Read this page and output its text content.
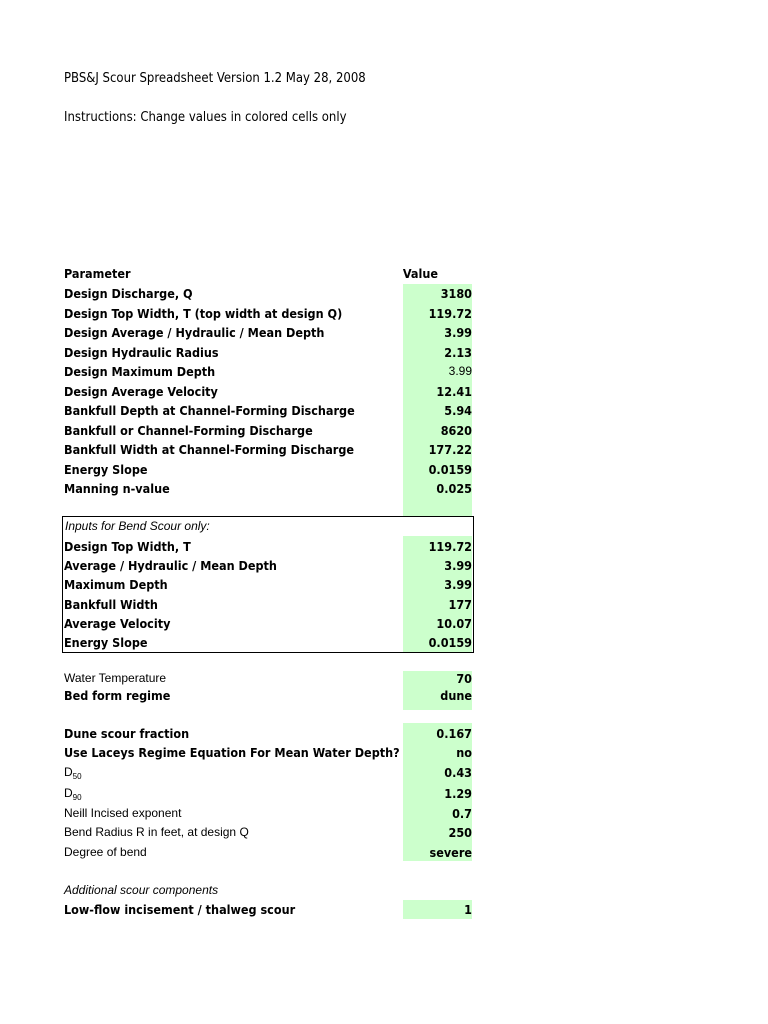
PBS&J Scour Spreadsheet Version 1.2 May 28, 2008
Instructions: Change values in colored cells only
Parameter	Value
Design Discharge, Q	3180
Design Top Width, T (top width at design Q)	119.72
Design Average / Hydraulic / Mean Depth	3.99
Design Hydraulic Radius	2.13
Design Maximum Depth	3.99
Design Average Velocity	12.41
Bankfull Depth at Channel-Forming Discharge	5.94
Bankfull or Channel-Forming Discharge	8620
Bankfull Width at Channel-Forming Discharge	177.22
Energy Slope	0.0159
Manning n-value	0.025
Inputs for Bend Scour only:
Design Top Width, T	119.72
Average / Hydraulic / Mean Depth	3.99
Maximum Depth	3.99
Bankfull Width	177
Average Velocity	10.07
Energy Slope	0.0159
Water Temperature	70
Bed form regime	dune
Dune scour fraction	0.167
Use Laceys Regime Equation For Mean Water Depth?	no
$D_{50}$	0.43
$D_{90}$	1.29
Neill Incised exponent	0.7
Bend Radius R in feet, at design Q	250
Degree of bend	severe
Additional scour components
Low-flow incisement / thalweg scour	1
